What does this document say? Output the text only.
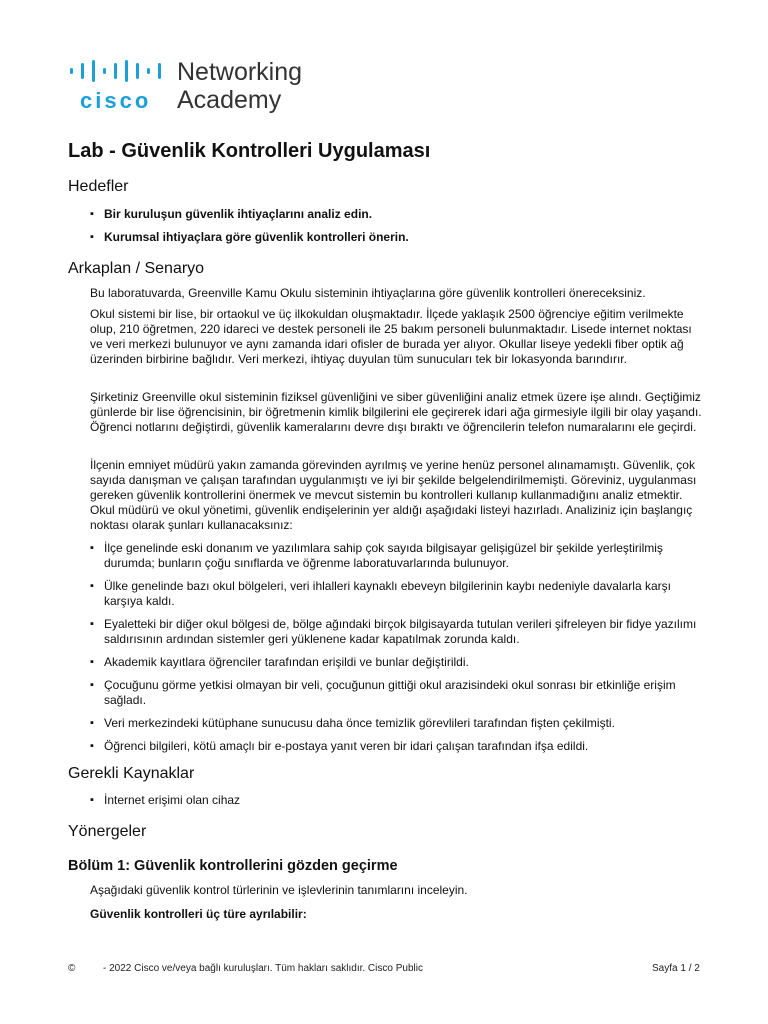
cisco
Networking
Academy
Lab - Güvenlik Kontrolleri Uygulaması
Hedefler
▪ Bir kuruluşun güvenlik ihtiyaçlarını analiz edin.
▪ Kurumsal ihtiyaçlara göre güvenlik kontrolleri önerin.
Arkaplan / Senaryo

Bu laboratuvarda, Greenville Kamu Okulu sisteminin ihtiyaçlarına göre güvenlik kontrolleri önereceksiniz.

Okul sistemi bir lise, bir ortaokul ve üç ilkokuldan oluşmaktadır. İlçede yaklaşık 2500 öğrenciye eğitim verilmekte olup, 210 öğretmen, 220 idareci ve destek personeli ile 25 bakım personeli bulunmaktadır. Lisede internet noktası ve veri merkezi bulunuyor ve aynı zamanda idari ofisler de burada yer alıyor. Okullar liseye yedekli fiber optik ağ üzerinden birbirine bağlıdır. Veri merkezi, ihtiyaç duyulan tüm sunucuları tek bir lokasyonda barındırır.

Şirketiniz Greenville okul sisteminin fiziksel güvenliğini ve siber güvenliğini analiz etmek üzere işe alındı. Geçtiğimiz günlerde bir lise öğrencisinin, bir öğretmenin kimlik bilgilerini ele geçirerek idari ağa girmesiyle ilgili bir olay yaşandı. Öğrenci notlarını değiştirdi, güvenlik kameralarını devre dışı bıraktı ve öğrencilerin telefon numaralarını ele geçirdi.

İlçenin emniyet müdürü yakın zamanda görevinden ayrılmış ve yerine henüz personel alınamamıştı. Güvenlik, çok sayıda danışman ve çalışan tarafından uygulanmıştı ve iyi bir şekilde belgelendirilmemişti. Göreviniz, uygulanması gereken güvenlik kontrollerini önermek ve mevcut sistemin bu kontrolleri kullanıp kullanmadığını analiz etmektir. Okul müdürü ve okul yönetimi, güvenlik endişelerinin yer aldığı aşağıdaki listeyi hazırladı. Analiziniz için başlangıç noktası olarak şunları kullanacaksınız:

▪ İlçe genelinde eski donanım ve yazılımlara sahip çok sayıda bilgisayar gelişigüzel bir şekilde yerleştirilmiş durumda; bunların çoğu sınıflarda ve öğrenme laboratuvarlarında bulunuyor.
▪ Ülke genelinde bazı okul bölgeleri, veri ihlalleri kaynaklı ebeveyn bilgilerinin kaybı nedeniyle davalarla karşı karşıya kaldı.
▪ Eyaletteki bir diğer okul bölgesi de, bölge ağındaki birçok bilgisayarda tutulan verileri şifreleyen bir fidye yazılımı saldırısının ardından sistemler geri yüklenene kadar kapatılmak zorunda kaldı.
▪ Akademik kayıtlara öğrenciler tarafından erişildi ve bunlar değiştirildi.
▪ Çocuğunu görme yetkisi olmayan bir veli, çocuğunun gittiği okul arazisindeki okul sonrası bir etkinliğe erişim sağladı.
▪ Veri merkezindeki kütüphane sunucusu daha önce temizlik görevlileri tarafından fişten çekilmişti.
▪ Öğrenci bilgileri, kötü amaçlı bir e-postaya yanıt veren bir idari çalışan tarafından ifşa edildi.
Gerekli Kaynaklar
▪ İnternet erişimi olan cihaz
Yönergeler
Bölüm 1: Güvenlik kontrollerini gözden geçirme

Aşağıdaki güvenlik kontrol türlerinin ve işlevlerinin tanımlarını inceleyin.

Güvenlik kontrolleri üç türe ayrılabilir:

©	- 2022 Cisco ve/veya bağlı kuruluşları. Tüm hakları saklıdır. Cisco Public	Sayfa 1 / 2
